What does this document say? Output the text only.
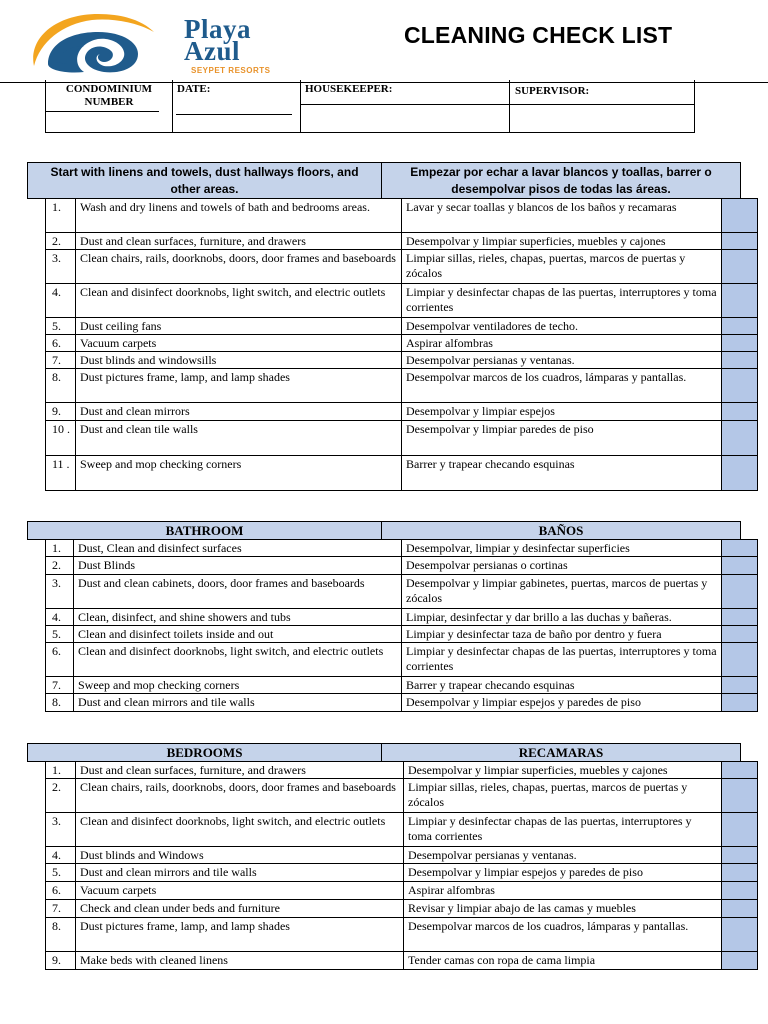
Playa
Azul
SEYPET RESORTS
CLEANING CHECK LIST
CONDOMINIUM NUMBER
DATE:	HOUSEKEEPER:	SUPERVISOR:
Start with linens and towels, dust hallways floors, and other areas.
Empezar por echar a lavar blancos y toallas, barrer o desempolvar pisos de todas las áreas.
1.	Wash and dry linens and towels of bath and bedrooms areas.	Lavar y secar toallas y blancos de los baños y recamaras	
2.	Dust and clean surfaces, furniture, and drawers	Desempolvar y limpiar superficies, muebles y cajones	
3.	Clean chairs, rails, doorknobs, doors, door frames and baseboards	Limpiar sillas, rieles, chapas, puertas, marcos de puertas y zócalos	
4.	Clean and disinfect doorknobs, light switch, and electric outlets	Limpiar y desinfectar chapas de las puertas, interruptores y toma corrientes	
5.	Dust ceiling fans	Desempolvar ventiladores de techo.	
6.	Vacuum carpets	Aspirar alfombras	
7.	Dust blinds and windowsills	Desempolvar persianas y ventanas.	
8.	Dust pictures frame, lamp, and lamp shades	Desempolvar marcos de los cuadros, lámparas y pantallas.	
9.	Dust and clean mirrors	Desempolvar y limpiar espejos	
10 .	Dust and clean tile walls	Desempolvar y limpiar paredes de piso	
11 .	Sweep and mop checking corners	Barrer y trapear checando esquinas	
BATHROOM	BAÑOS
1.	Dust, Clean and disinfect surfaces	Desempolvar, limpiar y desinfectar superficies	
2.	Dust Blinds	Desempolvar persianas o cortinas	
3.	Dust and clean cabinets, doors, door frames and baseboards	Desempolvar y limpiar gabinetes, puertas, marcos de puertas y zócalos	
4.	Clean, disinfect, and shine showers and tubs	Limpiar, desinfectar y dar brillo a las duchas y bañeras.	
5.	Clean and disinfect toilets inside and out	Limpiar y desinfectar taza de baño por dentro y fuera	
6.	Clean and disinfect doorknobs, light switch, and electric outlets	Limpiar y desinfectar chapas de las puertas, interruptores y toma corrientes	
7.	Sweep and mop checking corners	Barrer y trapear checando esquinas	
8.	Dust and clean mirrors and tile walls	Desempolvar y limpiar espejos y paredes de piso	
BEDROOMS	RECAMARAS
1.	Dust and clean surfaces, furniture, and drawers	Desempolvar y limpiar superficies, muebles y cajones	
2.	Clean chairs, rails, doorknobs, doors, door frames and baseboards	Limpiar sillas, rieles, chapas, puertas, marcos de puertas y zócalos	
3.	Clean and disinfect doorknobs, light switch, and electric outlets	Limpiar y desinfectar chapas de las puertas, interruptores y toma corrientes	
4.	Dust blinds and Windows	Desempolvar persianas y ventanas.	
5.	Dust and clean mirrors and tile walls	Desempolvar y limpiar espejos y paredes de piso	
6.	Vacuum carpets	Aspirar alfombras	
7.	Check and clean under beds and furniture	Revisar y limpiar abajo de las camas y muebles	
8.	Dust pictures frame, lamp, and lamp shades	Desempolvar marcos de los cuadros, lámparas y pantallas.	
9.	Make beds with cleaned linens	Tender camas con ropa de cama limpia	
